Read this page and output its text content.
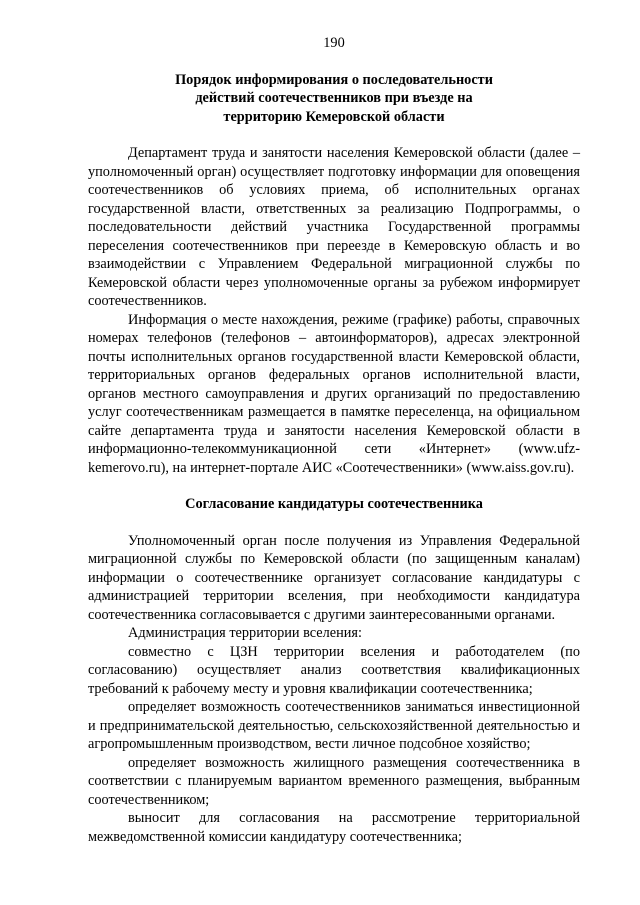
190
Порядок информирования о последовательности
действий соотечественников при въезде на
территорию Кемеровской области

Департамент труда и занятости населения Кемеровской области (далее – уполномоченный орган) осуществляет подготовку информации для оповещения соотечественников об условиях приема, об исполнительных органах государственной власти, ответственных за реализацию Подпрограммы, о последовательности действий участника Государственной программы переселения соотечественников при переезде в Кемеровскую область и во взаимодействии с Управлением Федеральной миграционной службы по Кемеровской области через уполномоченные органы за рубежом информирует соотечественников.

Информация о месте нахождения, режиме (графике) работы, справочных номерах телефонов (телефонов – автоинформаторов), адресах электронной почты исполнительных органов государственной власти Кемеровской области, территориальных органов федеральных органов исполнительной власти, органов местного самоуправления и других организаций по предоставлению услуг соотечественникам размещается в памятке переселенца, на официальном сайте департамента труда и занятости населения Кемеровской области в информационно-телекоммуникационной сети «Интернет» (www.ufz-kemerovo.ru), на интернет-портале АИС «Соотечественники» (www.aiss.gov.ru).

Согласование кандидатуры соотечественника

Уполномоченный орган после получения из Управления Федеральной миграционной службы по Кемеровской области (по защищенным каналам) информации о соотечественнике организует согласование кандидатуры с администрацией территории вселения, при необходимости кандидатура соотечественника согласовывается с другими заинтересованными органами.

Администрация территории вселения:

совместно с ЦЗН территории вселения и работодателем (по согласованию) осуществляет анализ соответствия квалификационных требований к рабочему месту и уровня квалификации соотечественника;

определяет возможность соотечественников заниматься инвестиционной и предпринимательской деятельностью, сельскохозяйственной деятельностью и агропромышленным производством, вести личное подсобное хозяйство;

определяет возможность жилищного размещения соотечественника в соответствии с планируемым вариантом временного размещения, выбранным соотечественником;

выносит для согласования на рассмотрение территориальной межведомственной комиссии кандидатуру соотечественника;
